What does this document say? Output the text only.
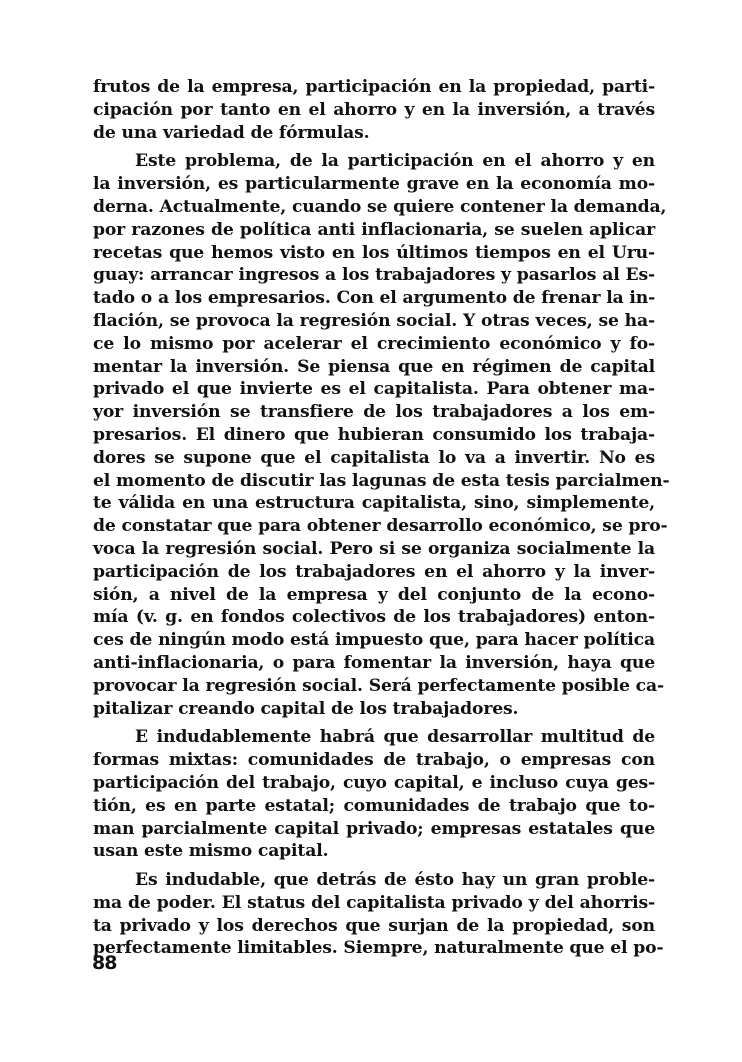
frutos de la empresa, participación en la propiedad, parti-
cipación por tanto en el ahorro y en la inversión, a través
de una variedad de fórmulas.
Este problema, de la participación en el ahorro y en
la inversión, es particularmente grave en la economía mo-
derna. Actualmente, cuando se quiere contener la demanda,
por razones de política anti inflacionaria, se suelen aplicar
recetas que hemos visto en los últimos tiempos en el Uru-
guay: arrancar ingresos a los trabajadores y pasarlos al Es-
tado o a los empresarios. Con el argumento de frenar la in-
flación, se provoca la regresión social. Y otras veces, se ha-
ce lo mismo por acelerar el crecimiento económico y fo-
mentar la inversión. Se piensa que en régimen de capital
privado el que invierte es el capitalista. Para obtener ma-
yor inversión se transfiere de los trabajadores a los em-
presarios. El dinero que hubieran consumido los trabaja-
dores se supone que el capitalista lo va a invertir. No es
el momento de discutir las lagunas de esta tesis parcialmen-
te válida en una estructura capitalista, sino, simplemente,
de constatar que para obtener desarrollo económico, se pro-
voca la regresión social. Pero si se organiza socialmente la
participación de los trabajadores en el ahorro y la inver-
sión, a nivel de la empresa y del conjunto de la econo-
mía (v. g. en fondos colectivos de los trabajadores) enton-
ces de ningún modo está impuesto que, para hacer política
anti-inflacionaria, o para fomentar la inversión, haya que
provocar la regresión social. Será perfectamente posible ca-
pitalizar creando capital de los trabajadores.
E indudablemente habrá que desarrollar multitud de
formas mixtas: comunidades de trabajo, o empresas con
participación del trabajo, cuyo capital, e incluso cuya ges-
tión, es en parte estatal; comunidades de trabajo que to-
man parcialmente capital privado; empresas estatales que
usan este mismo capital.
Es indudable, que detrás de ésto hay un gran proble-
ma de poder. El status del capitalista privado y del ahorris-
ta privado y los derechos que surjan de la propiedad, son
perfectamente limitables. Siempre, naturalmente que el po-
88
